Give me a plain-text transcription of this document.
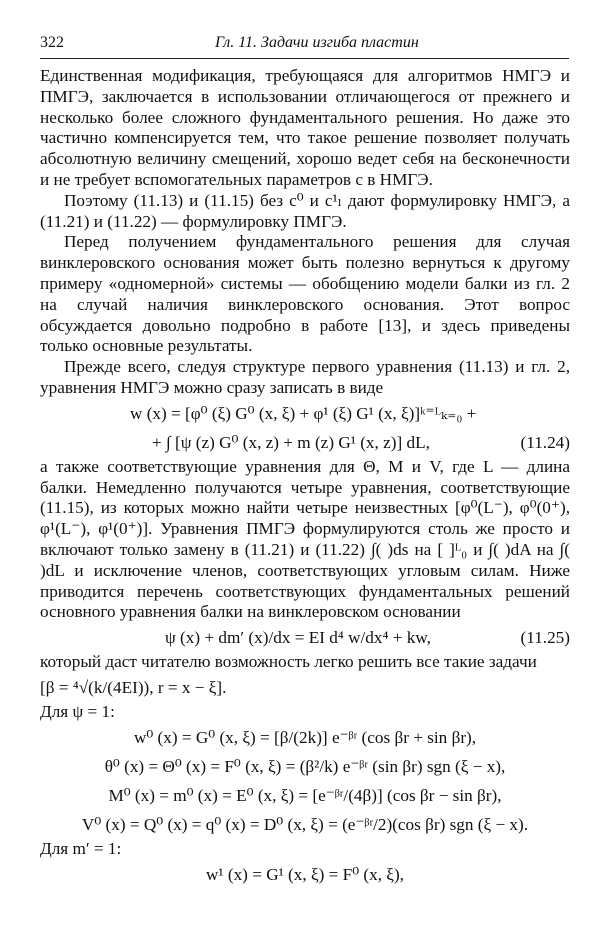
322	Гл. 11. Задачи изгиба пластин

Единственная модификация, требующаяся для алгоритмов НМГЭ и ПМГЭ, заключается в использовании отличающегося от прежнего и несколько более сложного фундаментального решения. Но даже это частично компенсируется тем, что такое решение позволяет получать абсолютную величину смещений, хорошо ведет себя на бесконечности и не требует вспомогательных параметров c в НМГЭ.

Поэтому (11.13) и (11.15) без c⁰ и c¹ₗ дают формулировку НМГЭ, а (11.21) и (11.22) — формулировку ПМГЭ.

Перед получением фундаментального решения для случая винклеровского основания может быть полезно вернуться к другому примеру «одномерной» системы — обобщению модели балки из гл. 2 на случай наличия винклеровского основания. Этот вопрос обсуждается довольно подробно в работе [13], и здесь приведены только основные результаты.

Прежде всего, следуя структуре первого уравнения (11.13) и гл. 2, уравнения НМГЭ можно сразу записать в виде

w (x) = [φ⁰ (ξ) G⁰ (x, ξ) + φ¹ (ξ) G¹ (x, ξ)]ᵏ⁼ᴸₖ₌₀ +
+ ∫ [ψ (z) G⁰ (x, z) + m (z) G¹ (x, z)] dL,	(11.24)

а также соответствующие уравнения для Θ, M и V, где L — длина балки. Немедленно получаются четыре уравнения, соответствующие (11.15), из которых можно найти четыре неизвестных [φ⁰(L⁻), φ⁰(0⁺), φ¹(L⁻), φ¹(0⁺)]. Уравнения ПМГЭ формулируются столь же просто и включают только замену в (11.21) и (11.22) ∫( )ds на [ ]ᴸ₀ и ∫( )dA на ∫( )dL и исключение членов, соответствующих угловым силам. Ниже приводится перечень соответствующих фундаментальных решений основного уравнения балки на винклеровском основании

ψ (x) + dm′ (x)/dx = EI d⁴ w/dx⁴ + kw,	(11.25)

который даст читателю возможность легко решить все такие задачи

[β = ⁴√(k/(4EI)), r = x − ξ].

Для ψ = 1:

w⁰ (x) = G⁰ (x, ξ) = [β/(2k)] e⁻ᵝʳ (cos βr + sin βr),
θ⁰ (x) = Θ⁰ (x) = F⁰ (x, ξ) = (β²/k) e⁻ᵝʳ (sin βr) sgn (ξ − x),
M⁰ (x) = m⁰ (x) = E⁰ (x, ξ) = [e⁻ᵝʳ/(4β)] (cos βr − sin βr),
V⁰ (x) = Q⁰ (x) = q⁰ (x) = D⁰ (x, ξ) = (e⁻ᵝʳ/2)(cos βr) sgn (ξ − x).

Для m′ = 1:

w¹ (x) = G¹ (x, ξ) = F⁰ (x, ξ),
